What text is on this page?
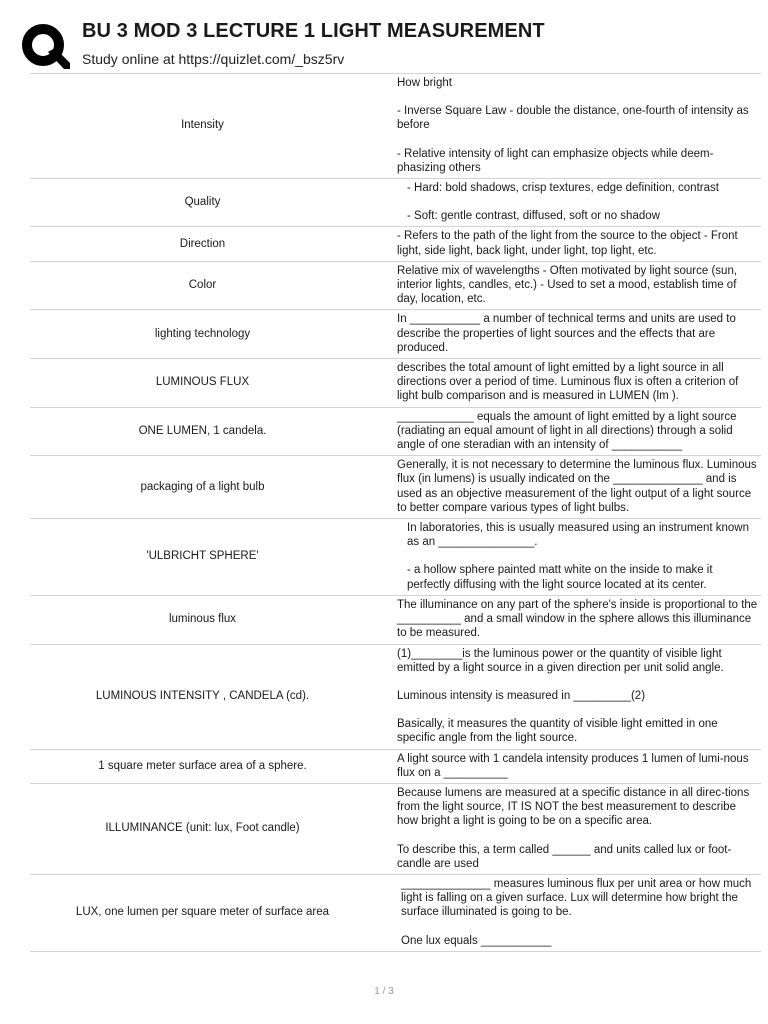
BU 3 MOD 3 LECTURE 1 LIGHT MEASUREMENT
Study online at https://quizlet.com/_bsz5rv
Intensity	How bright

- Inverse Square Law - double the distance, one-fourth of intensity as before

- Relative intensity of light can emphasize objects while deem-phasizing others

Quality	- Hard: bold shadows, crisp textures, edge definition, contrast

- Soft: gentle contrast, diffused, soft or no shadow

Direction	- Refers to the path of the light from the source to the object - Front light, side light, back light, under light, top light, etc.

Color	Relative mix of wavelengths - Often motivated by light source (sun, interior lights, candles, etc.) - Used to set a mood, establish time of day, location, etc.

lighting technology	In ___________ a number of technical terms and units are used to describe the properties of light sources and the effects that are produced.

LUMINOUS FLUX	describes the total amount of light emitted by a light source in all directions over a period of time. Luminous flux is often a criterion of light bulb comparison and is measured in LUMEN (lm ).

ONE LUMEN, 1 candela.	____________ equals the amount of light emitted by a light source (radiating an equal amount of light in all directions) through a solid angle of one steradian with an intensity of ___________

packaging of a light bulb	Generally, it is not necessary to determine the luminous flux. Luminous flux (in lumens) is usually indicated on the ______________ and is used as an objective measurement of the light output of a light source to better compare various types of light bulbs.

'ULBRICHT SPHERE'	In laboratories, this is usually measured using an instrument known as an _______________.

- a hollow sphere painted matt white on the inside to make it perfectly diffusing with the light source located at its center.

luminous flux	The illuminance on any part of the sphere's inside is proportional to the __________ and a small window in the sphere allows this illuminance to be measured.

LUMINOUS INTENSITY , CANDELA (cd).	(1)________is the luminous power or the quantity of visible light emitted by a light source in a given direction per unit solid angle.

Luminous intensity is measured in _________(2)

Basically, it measures the quantity of visible light emitted in one specific angle from the light source.

1 square meter surface area of a sphere.	A light source with 1 candela intensity produces 1 lumen of lumi-nous flux on a __________

ILLUMINANCE (unit: lux, Foot candle)	Because lumens are measured at a specific distance in all direc-tions from the light source, IT IS NOT the best measurement to describe how bright a light is going to be on a specific area.

To describe this, a term called ______ and units called lux or foot-candle are used

LUX, one lumen per square meter of surface area	______________ measures luminous flux per unit area or how much light is falling on a given surface. Lux will determine how bright the surface illuminated is going to be.

One lux equals ___________

1 / 3
